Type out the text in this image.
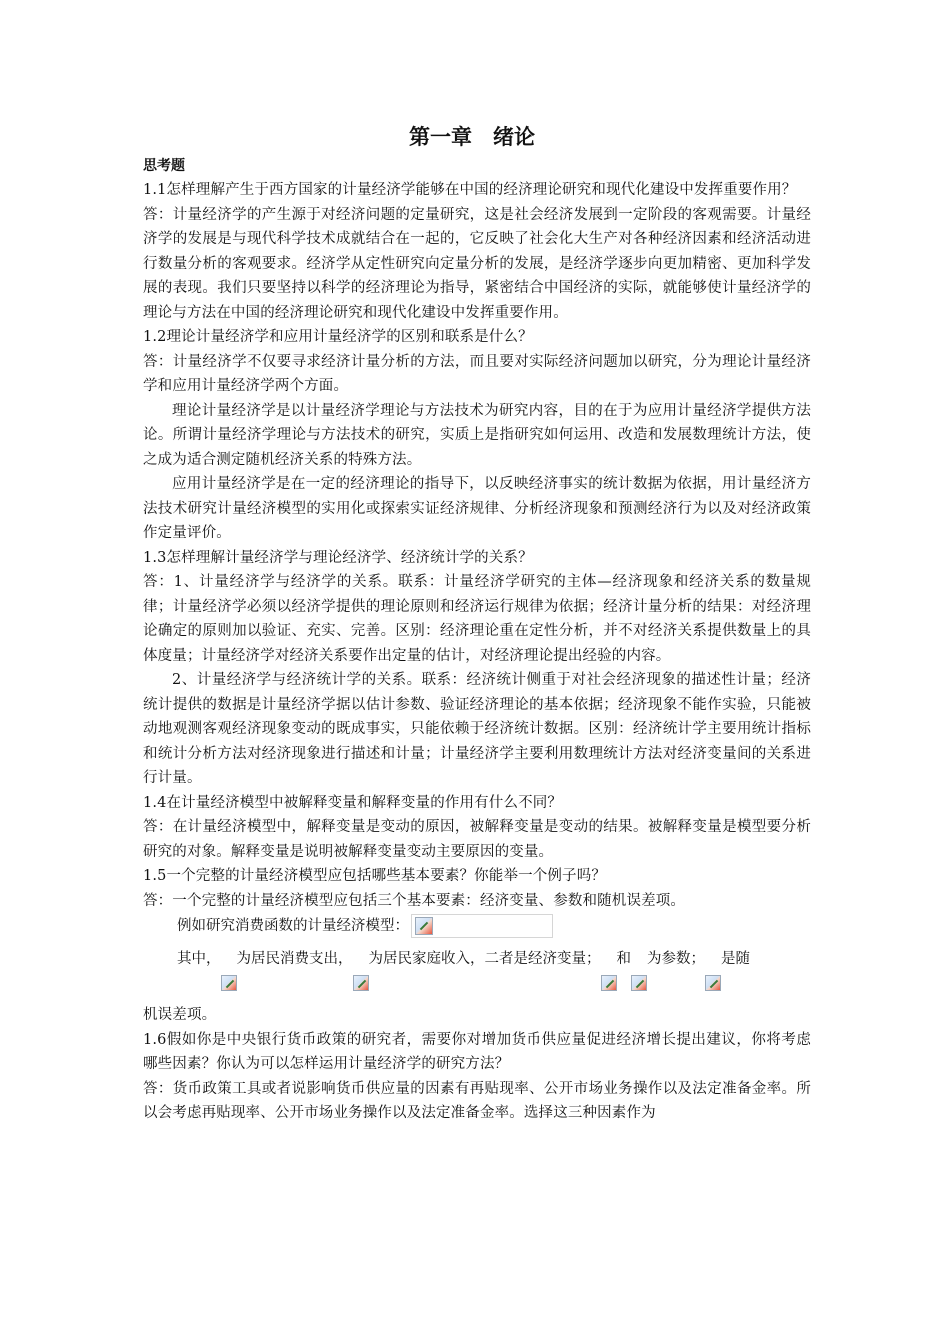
第一章　绪论
思考题

1.1怎样理解产生于西方国家的计量经济学能够在中国的经济理论研究和现代化建设中发挥重要作用？

答：计量经济学的产生源于对经济问题的定量研究，这是社会经济发展到一定阶段的客观需要。计量经济学的发展是与现代科学技术成就结合在一起的，它反映了社会化大生产对各种经济因素和经济活动进行数量分析的客观要求。经济学从定性研究向定量分析的发展，是经济学逐步向更加精密、更加科学发展的表现。我们只要坚持以科学的经济理论为指导，紧密结合中国经济的实际，就能够使计量经济学的理论与方法在中国的经济理论研究和现代化建设中发挥重要作用。

1.2理论计量经济学和应用计量经济学的区别和联系是什么？

答：计量经济学不仅要寻求经济计量分析的方法，而且要对实际经济问题加以研究，分为理论计量经济学和应用计量经济学两个方面。

理论计量经济学是以计量经济学理论与方法技术为研究内容，目的在于为应用计量经济学提供方法论。所谓计量经济学理论与方法技术的研究，实质上是指研究如何运用、改造和发展数理统计方法，使之成为适合测定随机经济关系的特殊方法。

应用计量经济学是在一定的经济理论的指导下，以反映经济事实的统计数据为依据，用计量经济方法技术研究计量经济模型的实用化或探索实证经济规律、分析经济现象和预测经济行为以及对经济政策作定量评价。

1.3怎样理解计量经济学与理论经济学、经济统计学的关系？

答：1、计量经济学与经济学的关系。联系：计量经济学研究的主体—经济现象和经济关系的数量规律；计量经济学必须以经济学提供的理论原则和经济运行规律为依据；经济计量分析的结果：对经济理论确定的原则加以验证、充实、完善。区别：经济理论重在定性分析，并不对经济关系提供数量上的具体度量；计量经济学对经济关系要作出定量的估计，对经济理论提出经验的内容。

2、计量经济学与经济统计学的关系。联系：经济统计侧重于对社会经济现象的描述性计量；经济统计提供的数据是计量经济学据以估计参数、验证经济理论的基本依据；经济现象不能作实验，只能被动地观测客观经济现象变动的既成事实，只能依赖于经济统计数据。区别：经济统计学主要用统计指标和统计分析方法对经济现象进行描述和计量；计量经济学主要利用数理统计方法对经济变量间的关系进行计量。

1.4在计量经济模型中被解释变量和解释变量的作用有什么不同？

答：在计量经济模型中，解释变量是变动的原因，被解释变量是变动的结果。被解释变量是模型要分析研究的对象。解释变量是说明被解释变量变动主要原因的变量。

1.5一个完整的计量经济模型应包括哪些基本要素？你能举一个例子吗？

答：一个完整的计量经济模型应包括三个基本要素：经济变量、参数和随机误差项。

例如研究消费函数的计量经济模型：
其中， 为居民消费支出， 为居民家庭收入，二者是经济变量； 和 为参数； 是随

机误差项。

1.6假如你是中央银行货币政策的研究者，需要你对增加货币供应量促进经济增长提出建议，你将考虑哪些因素？你认为可以怎样运用计量经济学的研究方法？

答：货币政策工具或者说影响货币供应量的因素有再贴现率、公开市场业务操作以及法定准备金率。所以会考虑再贴现率、公开市场业务操作以及法定准备金率。选择这三种因素作为
